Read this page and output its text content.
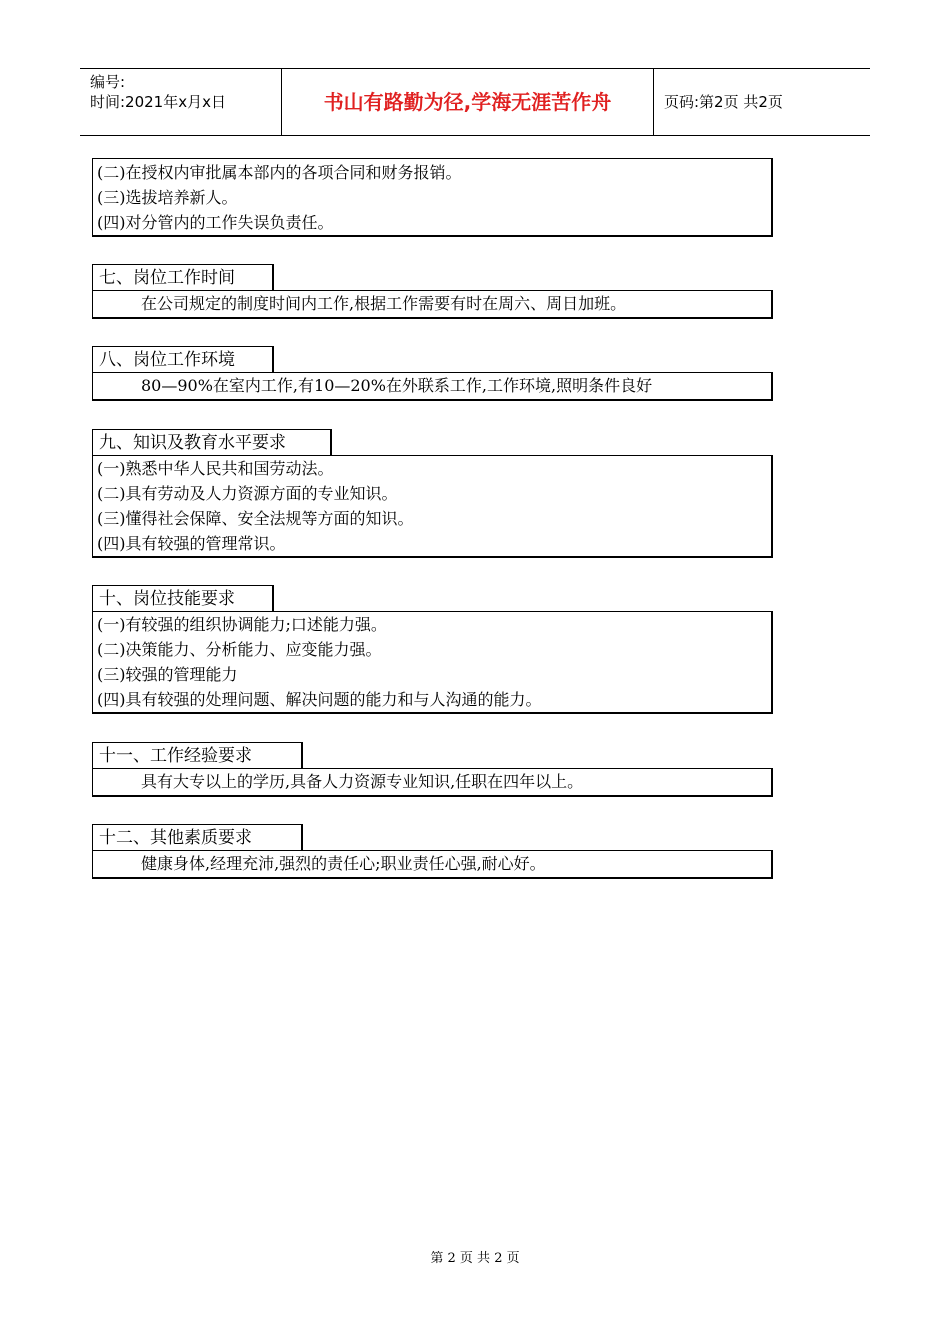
编号:
时间:2021年x月x日	书山有路勤为径,学海无涯苦作舟	页码:第2页 共2页
(二)在授权内审批属本部内的各项合同和财务报销。
(三)选拔培养新人。
(四)对分管内的工作失误负责任。
七、岗位工作时间
在公司规定的制度时间内工作,根据工作需要有时在周六、周日加班。
八、岗位工作环境
80—90%在室内工作,有10—20%在外联系工作,工作环境,照明条件良好
九、知识及教育水平要求
(一)熟悉中华人民共和国劳动法。
(二)具有劳动及人力资源方面的专业知识。
(三)懂得社会保障、安全法规等方面的知识。
(四)具有较强的管理常识。
十、岗位技能要求
(一)有较强的组织协调能力;口述能力强。
(二)决策能力、分析能力、应变能力强。
(三)较强的管理能力
(四)具有较强的处理问题、解决问题的能力和与人沟通的能力。
十一、工作经验要求
具有大专以上的学历,具备人力资源专业知识,任职在四年以上。
十二、其他素质要求
健康身体,经理充沛,强烈的责任心;职业责任心强,耐心好。
第 2 页 共 2 页
